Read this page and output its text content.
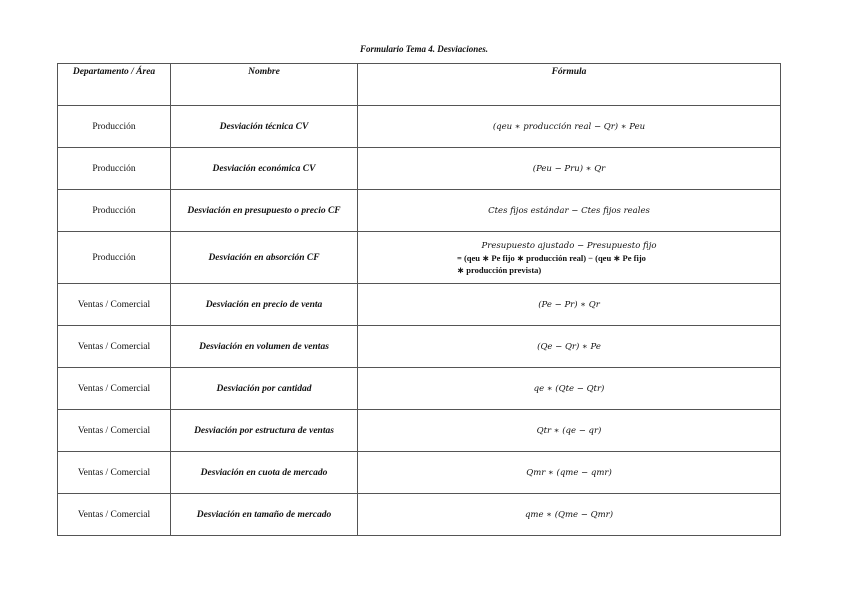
Formulario Tema 4. Desviaciones.
Departamento / Área	Nombre	Fórmula
Producción	Desviación técnica CV	(qeu ∗ producción real − Qr) ∗ Peu
Producción	Desviación económica CV	(Peu − Pru) ∗ Qr
Producción	Desviación en presupuesto o precio CF	Ctes fijos estándar − Ctes fijos reales
Producción	Desviación en absorción CF	Presupuesto ajustado − Presupuesto fijo
= (qeu ∗ Pe fijo ∗ producción real) − (qeu ∗ Pe fijo
∗ producción prevista)

Ventas / Comercial	Desviación en precio de venta	(Pe − Pr) ∗ Qr
Ventas / Comercial	Desviación en volumen de ventas	(Qe − Qr) ∗ Pe
Ventas / Comercial	Desviación por cantidad	qe ∗ (Qte − Qtr)
Ventas / Comercial	Desviación por estructura de ventas	Qtr ∗ (qe − qr)
Ventas / Comercial	Desviación en cuota de mercado	Qmr ∗ (qme − qmr)
Ventas / Comercial	Desviación en tamaño de mercado	qme ∗ (Qme − Qmr)
